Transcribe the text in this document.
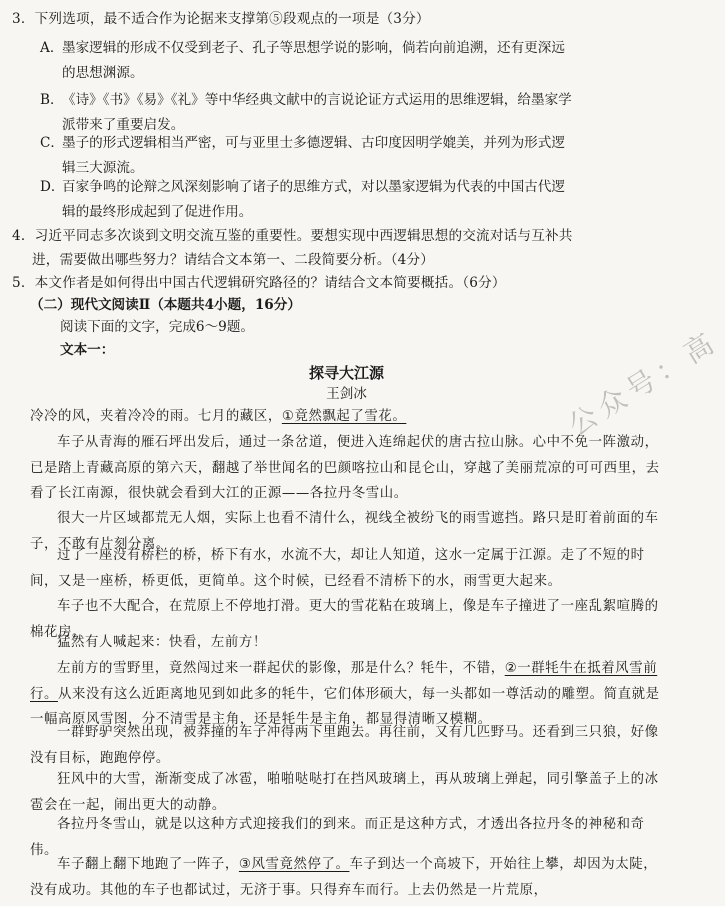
3．下列选项，最不适合作为论据来支撑第⑤段观点的一项是（3分）
A．墨家逻辑的形成不仅受到老子、孔子等思想学说的影响，倘若向前追溯，还有更深远
的思想渊源。
B．《诗》《书》《易》《礼》等中华经典文献中的言说论证方式运用的思维逻辑，给墨家学
派带来了重要启发。
C．墨子的形式逻辑相当严密，可与亚里士多德逻辑、古印度因明学媲美，并列为形式逻
辑三大源流。
D．百家争鸣的论辩之风深刻影响了诸子的思维方式，对以墨家逻辑为代表的中国古代逻
辑的最终形成起到了促进作用。
4．习近平同志多次谈到文明交流互鉴的重要性。要想实现中西逻辑思想的交流对话与互补共
进，需要做出哪些努力？请结合文本第一、二段简要分析。（4分）
5．本文作者是如何得出中国古代逻辑研究路径的？请结合文本简要概括。（6分）
（二）现代文阅读Ⅱ（本题共4小题，16分）
阅读下面的文字，完成6～9题。
文本一：
探寻大江源
王剑冰
冷冷的风，夹着冷冷的雨。七月的藏区，①竟然飘起了雪花。
车子从青海的雁石坪出发后，通过一条岔道，便进入连绵起伏的唐古拉山脉。心中不免一阵激动，已是踏上青藏高原的第六天，翻越了举世闻名的巴颜喀拉山和昆仑山，穿越了美丽荒凉的可可西里，去看了长江南源，很快就会看到大江的正源——各拉丹冬雪山。
很大一片区域都荒无人烟，实际上也看不清什么，视线全被纷飞的雨雪遮挡。路只是盯着前面的车子，不敢有片刻分离。
过了一座没有桥栏的桥，桥下有水，水流不大，却让人知道，这水一定属于江源。走了不短的时间，又是一座桥，桥更低，更简单。这个时候，已经看不清桥下的水，雨雪更大起来。
车子也不大配合，在荒原上不停地打滑。更大的雪花粘在玻璃上，像是车子撞进了一座乱絮喧腾的棉花房。
猛然有人喊起来：快看，左前方！
左前方的雪野里，竟然闯过来一群起伏的影像，那是什么？牦牛，不错，②一群牦牛在抵着风雪前行。从来没有这么近距离地见到如此多的牦牛，它们体形硕大，每一头都如一尊活动的雕塑。简直就是一幅高原风雪图，分不清雪是主角，还是牦牛是主角，都显得清晰又模糊。
一群野驴突然出现，被莽撞的车子冲得两下里跑去。再往前，又有几匹野马。还看到三只狼，好像没有目标，跑跑停停。
狂风中的大雪，渐渐变成了冰雹，啪啪哒哒打在挡风玻璃上，再从玻璃上弹起，同引擎盖子上的冰雹会在一起，闹出更大的动静。
各拉丹冬雪山，就是以这种方式迎接我们的到来。而正是这种方式，才透出各拉丹冬的神秘和奇伟。
车子翻上翻下地跑了一阵子，③风雪竟然停了。车子到达一个高坡下，开始往上攀，却因为太陡，没有成功。其他的车子也都试过，无济于事。只得弃车而行。上去仍然是一片荒原，
公众号：高
